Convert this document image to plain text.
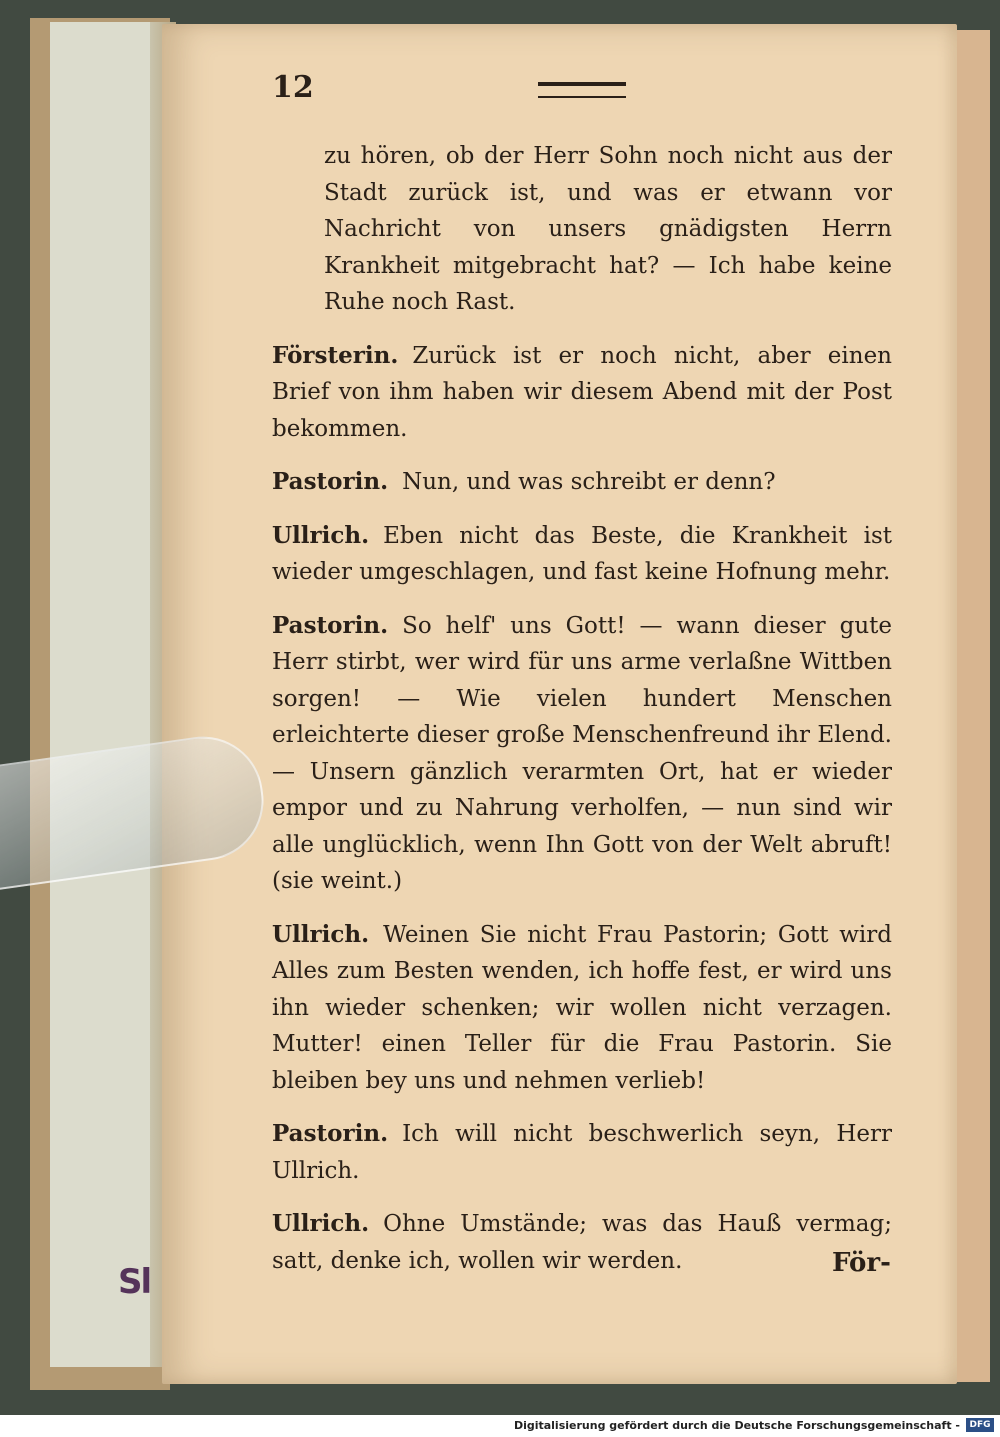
Sl
12

zu hören, ob der Herr Sohn noch nicht aus der Stadt zurück ist, und was er etwann vor Nachricht von unsers gnädigsten Herrn Krankheit mitgebracht hat? — Ich habe keine Ruhe noch Rast.

Försterin. Zurück ist er noch nicht, aber einen Brief von ihm haben wir diesem Abend mit der Post bekommen.

Pastorin. Nun, und was schreibt er denn?

Ullrich. Eben nicht das Beste, die Krankheit ist wieder umgeschlagen, und fast keine Hofnung mehr.

Pastorin. So helf' uns Gott! — wann dieser gute Herr stirbt, wer wird für uns arme verlaßne Wittben sorgen! — Wie vielen hundert Menschen erleichterte dieser große Menschenfreund ihr Elend. — Unsern gänzlich verarmten Ort, hat er wieder empor und zu Nahrung verholfen, — nun sind wir alle unglücklich, wenn Ihn Gott von der Welt abruft! (sie weint.)

Ullrich. Weinen Sie nicht Frau Pastorin; Gott wird Alles zum Besten wenden, ich hoffe fest, er wird uns ihn wieder schenken; wir wollen nicht verzagen. Mutter! einen Teller für die Frau Pastorin. Sie bleiben bey uns und nehmen verlieb!

Pastorin. Ich will nicht beschwerlich seyn, Herr Ullrich.

Ullrich. Ohne Umstände; was das Hauß vermag; satt, denke ich, wollen wir werden.	För-
Digitalisierung gefördert durch die Deutsche Forschungsgemeinschaft -	DFG
